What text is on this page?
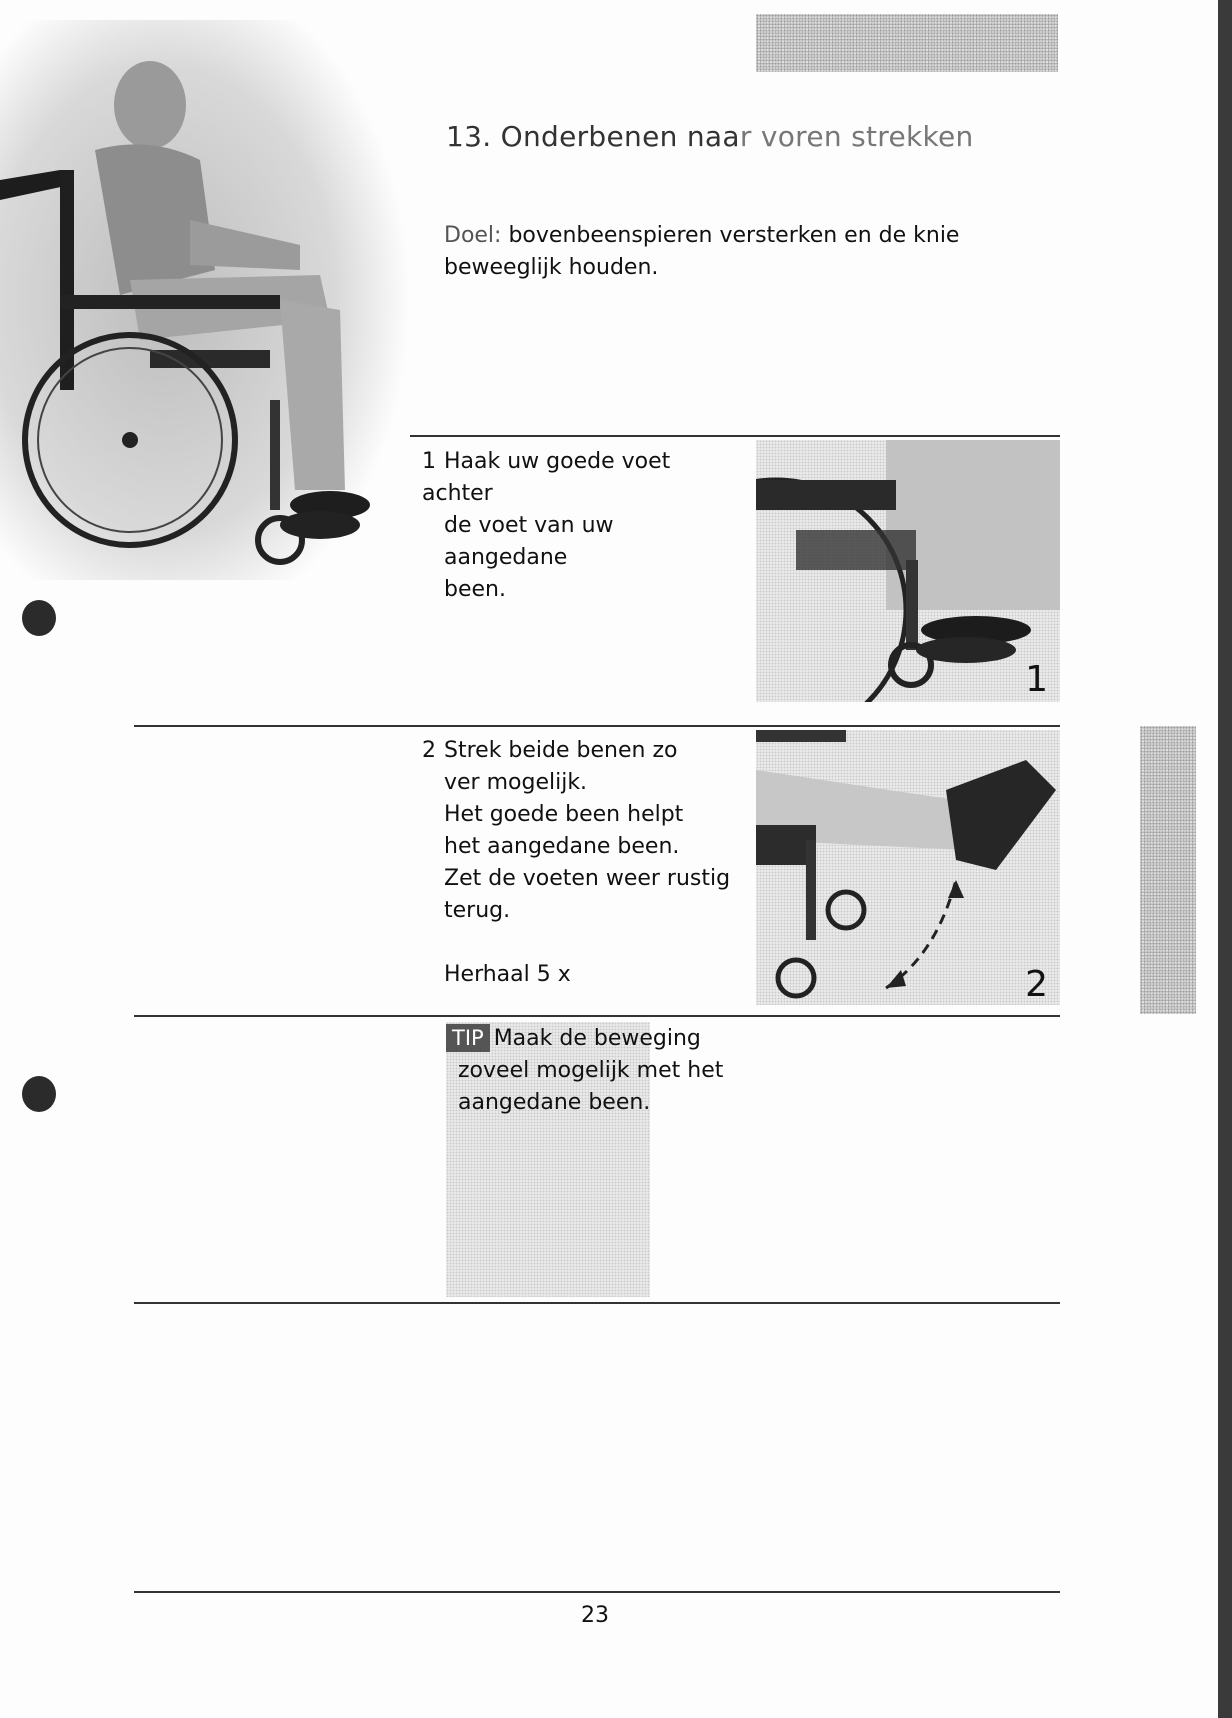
13. Onderbenen naar voren strekken
Doel: bovenbeenspieren versterken en de knie beweeglijk houden.
1 Haak uw goede voet achter
de voet van uw aangedane
been.
1
2 Strek beide benen zo
ver mogelijk.
Het goede been helpt
het aangedane been.
Zet de voeten weer rustig
terug.
Herhaal 5 x	2
TIP Maak de beweging
zoveel mogelijk met het
aangedane been.
23
